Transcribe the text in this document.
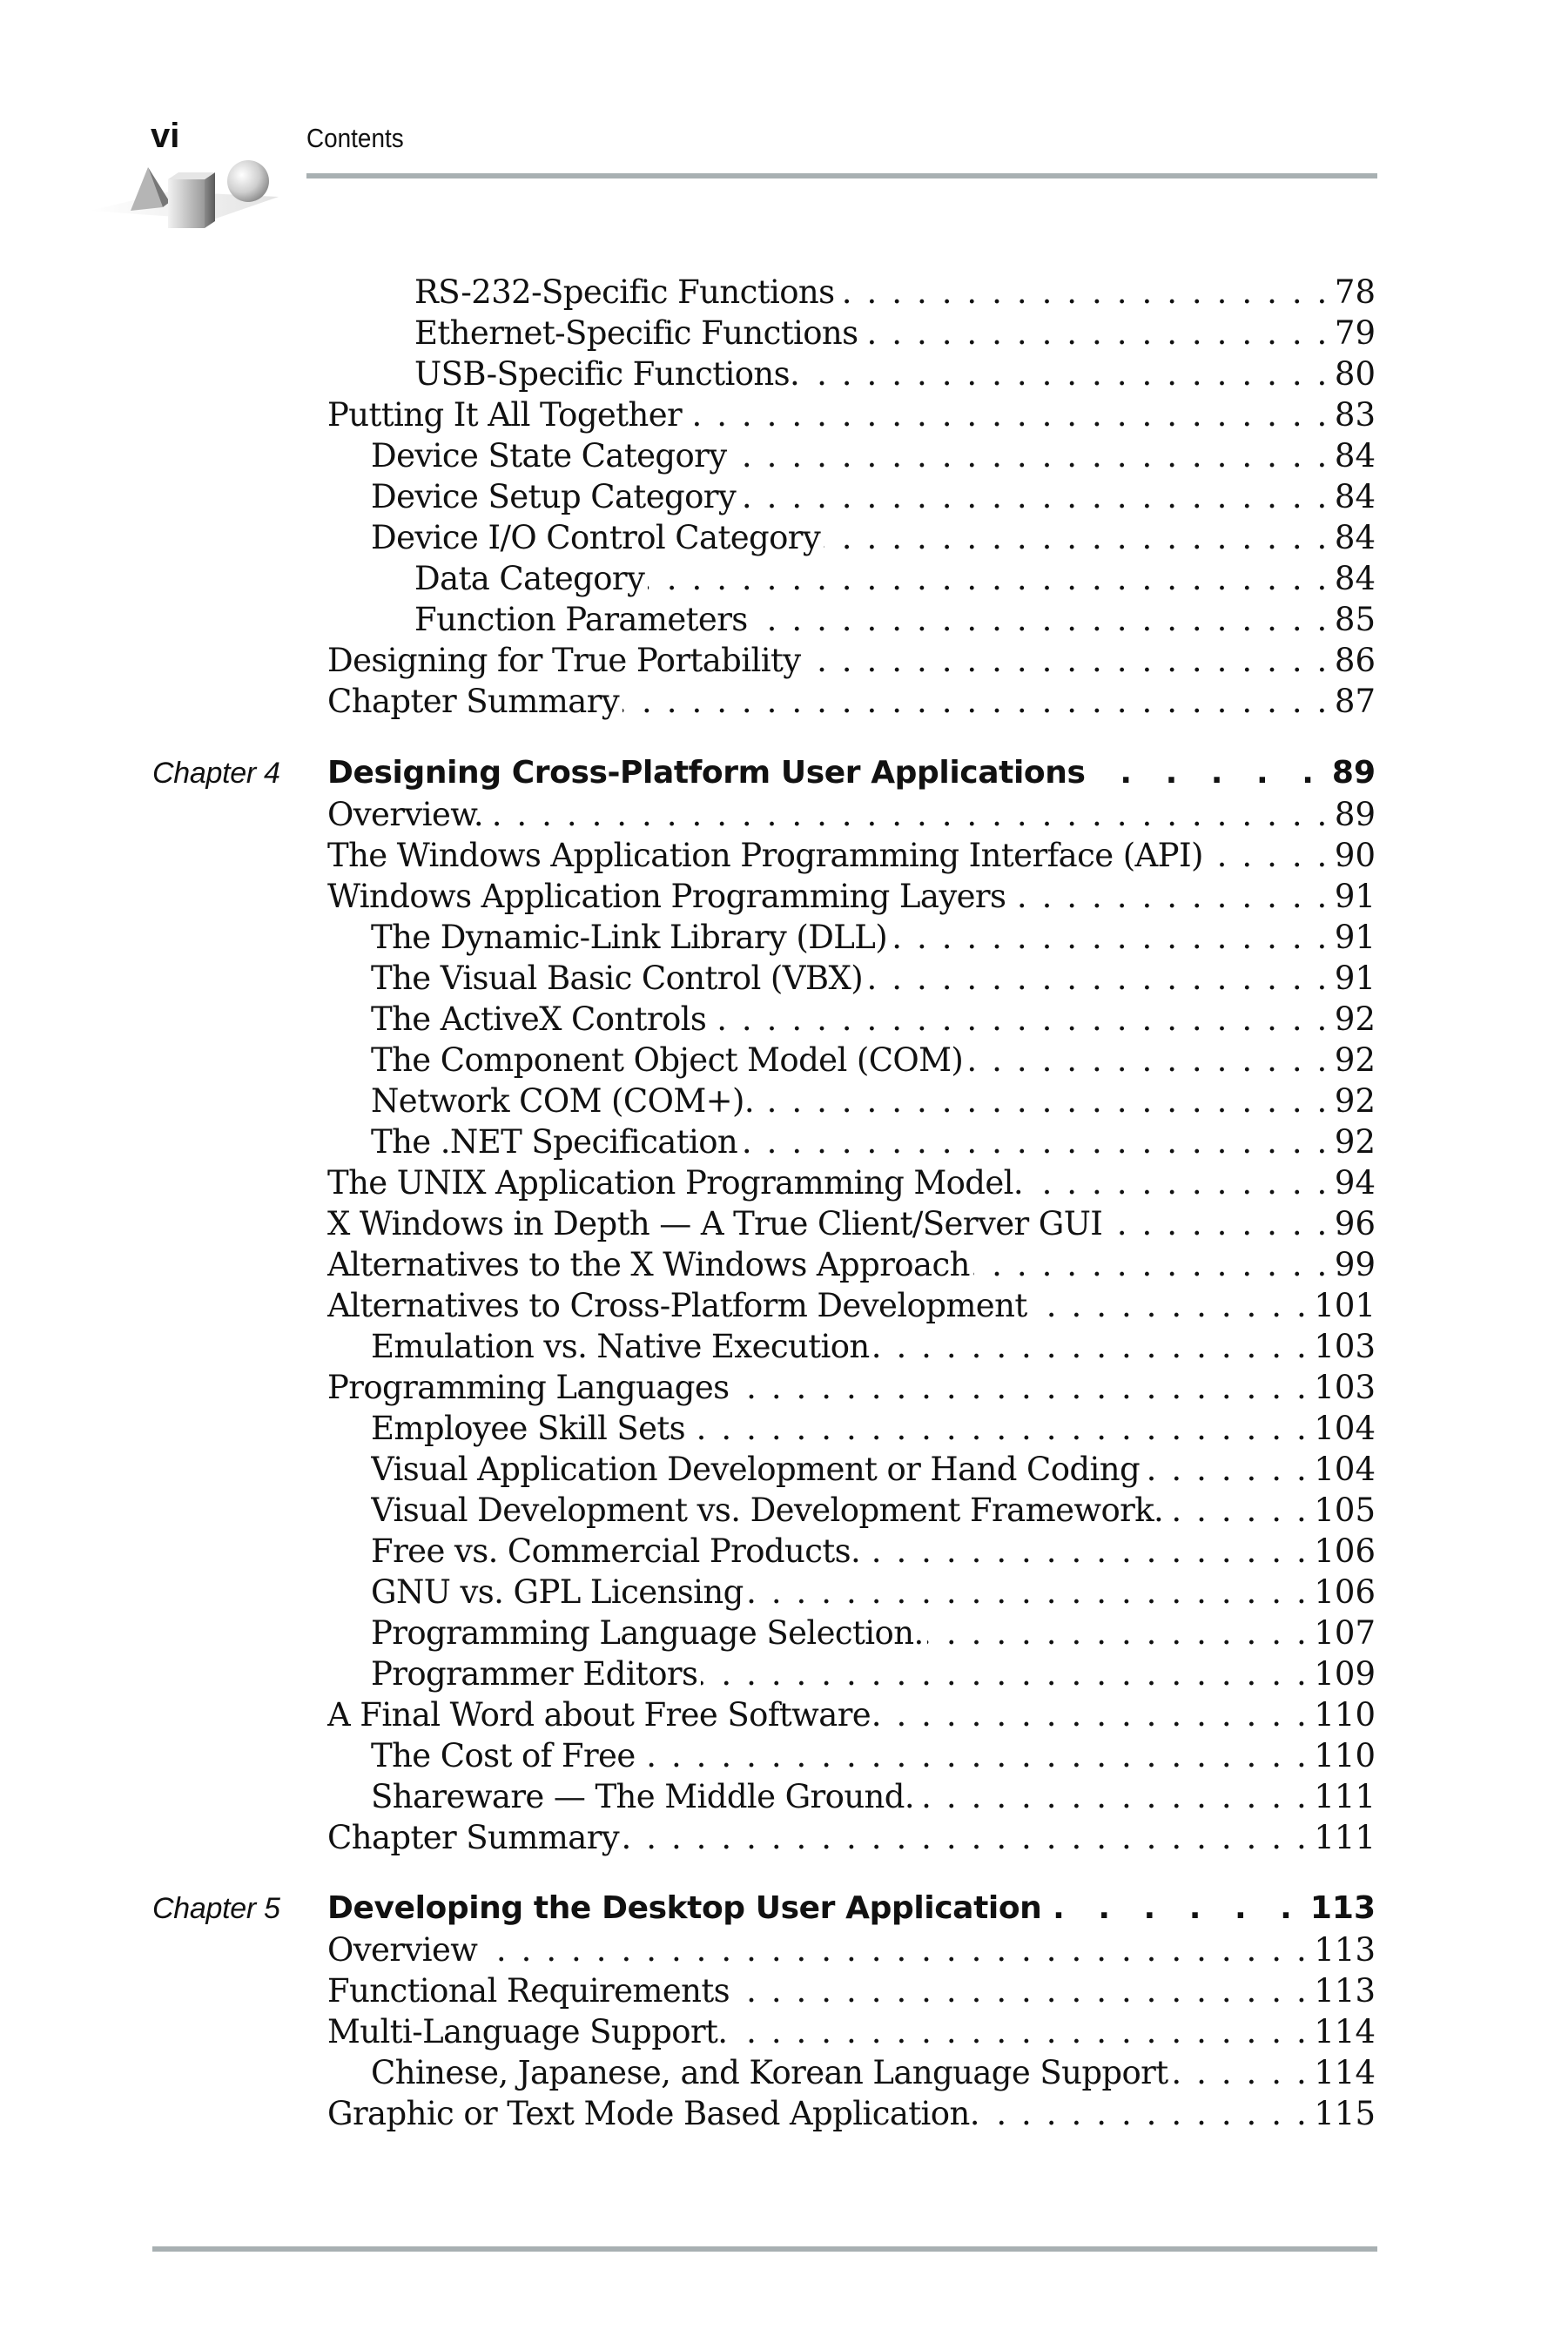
vi	Contents
RS-232-Specific Functions . . .	78
Ethernet-Specific Functions . . .	79
USB-Specific Functions. . . .	80
Putting It All Together . . .	83
Device State Category . . .	84
Device Setup Category . . .	84
Device I/O Control Category . . .	84
Data Category . . .	84
Function Parameters . . .	85
Designing for True Portability . . .	86
Chapter Summary . . .	87
Chapter 4	Designing Cross-Platform User Applications . . .	89
Overview. . . .	89
The Windows Application Programming Interface (API) . . .	90
Windows Application Programming Layers . . .	91
The Dynamic-Link Library (DLL) . . .	91
The Visual Basic Control (VBX) . . .	91
The ActiveX Controls . . .	92
The Component Object Model (COM) . . .	92
Network COM (COM+). . . .	92
The .NET Specification . . .	92
The UNIX Application Programming Model. . . .	94
X Windows in Depth — A True Client/Server GUI . . .	96
Alternatives to the X Windows Approach . . .	99
Alternatives to Cross-Platform Development . . .	101
Emulation vs. Native Execution . . .	103
Programming Languages . . .	103
Employee Skill Sets . . .	104
Visual Application Development or Hand Coding . . .	104
Visual Development vs. Development Framework. . . .	105
Free vs. Commercial Products. . . .	106
GNU vs. GPL Licensing . . .	106
Programming Language Selection. . . .	107
Programmer Editors . . .	109
A Final Word about Free Software . . .	110
The Cost of Free . . .	110
Shareware — The Middle Ground. . . .	111
Chapter Summary . . .	111
Chapter 5	Developing the Desktop User Application . . .	113
Overview . . .	113
Functional Requirements . . .	113
Multi-Language Support. . . .	114
Chinese, Japanese, and Korean Language Support . . .	114
Graphic or Text Mode Based Application. . . .	115
